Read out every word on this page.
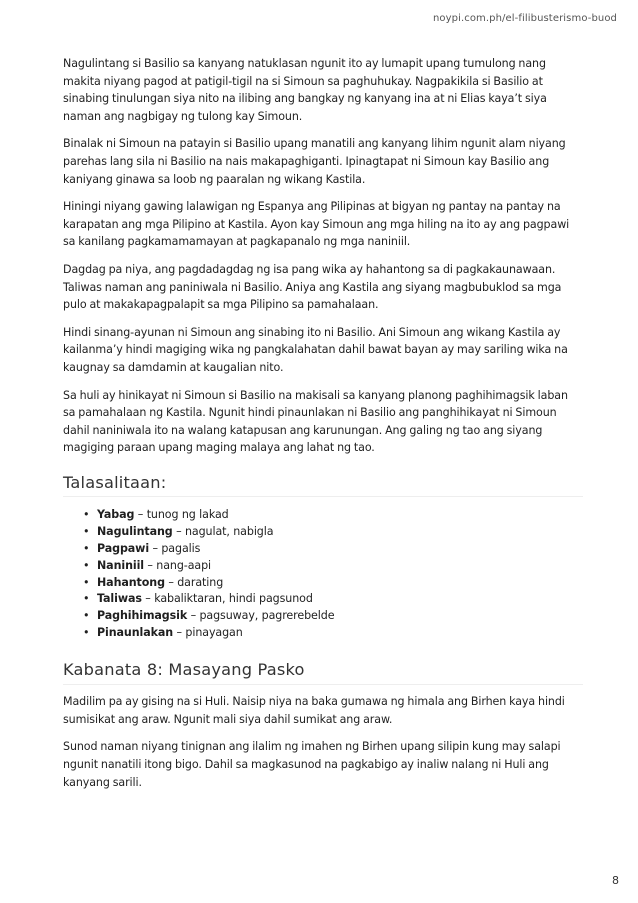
noypi.com.ph/el-filibusterismo-buod

Nagulintang si Basilio sa kanyang natuklasan ngunit ito ay lumapit upang tumulong nang makita niyang pagod at patigil-tigil na si Simoun sa paghuhukay. Nagpakikila si Basilio at sinabing tinulungan siya nito na ilibing ang bangkay ng kanyang ina at ni Elias kaya’t siya naman ang nagbigay ng tulong kay Simoun.

Binalak ni Simoun na patayin si Basilio upang manatili ang kanyang lihim ngunit alam niyang parehas lang sila ni Basilio na nais makapaghiganti. Ipinagtapat ni Simoun kay Basilio ang kaniyang ginawa sa loob ng paaralan ng wikang Kastila.

Hiningi niyang gawing lalawigan ng Espanya ang Pilipinas at bigyan ng pantay na pantay na karapatan ang mga Pilipino at Kastila. Ayon kay Simoun ang mga hiling na ito ay ang pagpawi sa kanilang pagkamamamayan at pagkapanalo ng mga naniniil.

Dagdag pa niya, ang pagdadagdag ng isa pang wika ay hahantong sa di pagkakaunawaan. Taliwas naman ang paniniwala ni Basilio. Aniya ang Kastila ang siyang magbubuklod sa mga pulo at makakapagpalapit sa mga Pilipino sa pamahalaan.

Hindi sinang-ayunan ni Simoun ang sinabing ito ni Basilio. Ani Simoun ang wikang Kastila ay kailanma’y hindi magiging wika ng pangkalahatan dahil bawat bayan ay may sariling wika na kaugnay sa damdamin at kaugalian nito.

Sa huli ay hinikayat ni Simoun si Basilio na makisali sa kanyang planong paghihimagsik laban sa pamahalaan ng Kastila. Ngunit hindi pinaunlakan ni Basilio ang panghihikayat ni Simoun dahil naniniwala ito na walang katapusan ang karunungan. Ang galing ng tao ang siyang magiging paraan upang maging malaya ang lahat ng tao.

Talasalitaan:
• Yabag – tunog ng lakad
• Nagulintang – nagulat, nabigla
• Pagpawi – pagalis
• Naniniil – nang-aapi
• Hahantong – darating
• Taliwas – kabaliktaran, hindi pagsunod
• Paghihimagsik – pagsuway, pagrerebelde
• Pinaunlakan – pinayagan
Kabanata 8: Masayang Pasko

Madilim pa ay gising na si Huli. Naisip niya na baka gumawa ng himala ang Birhen kaya hindi sumisikat ang araw. Ngunit mali siya dahil sumikat ang araw.

Sunod naman niyang tinignan ang ilalim ng imahen ng Birhen upang silipin kung may salapi ngunit nanatili itong bigo. Dahil sa magkasunod na pagkabigo ay inaliw nalang ni Huli ang kanyang sarili.

8
